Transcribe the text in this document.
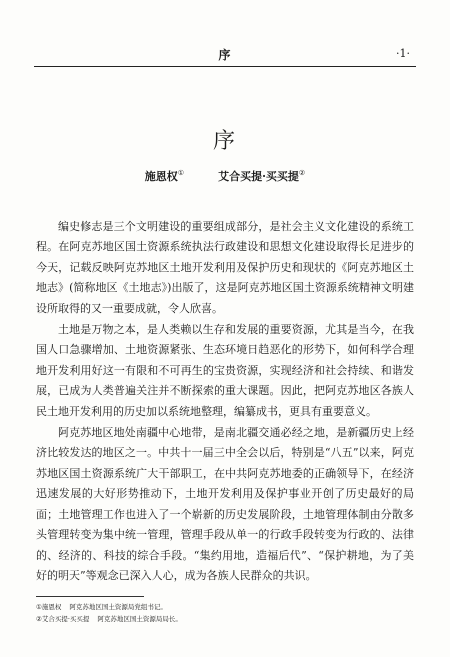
序	·1·
序
施恩权①	艾合买提·买买提②

编史修志是三个文明建设的重要组成部分，是社会主义文化建设的系统工程。在阿克苏地区国土资源系统执法行政建设和思想文化建设取得长足进步的今天，记载反映阿克苏地区土地开发利用及保护历史和现状的《阿克苏地区土地志》(简称地区《土地志》)出版了，这是阿克苏地区国土资源系统精神文明建设所取得的又一重要成就，令人欣喜。

土地是万物之本，是人类赖以生存和发展的重要资源，尤其是当今，在我国人口急骤增加、土地资源紧张、生态环境日趋恶化的形势下，如何科学合理地开发利用好这一有限和不可再生的宝贵资源，实现经济和社会持续、和谐发展，已成为人类普遍关注并不断探索的重大课题。因此，把阿克苏地区各族人民土地开发利用的历史加以系统地整理，编纂成书，更具有重要意义。

阿克苏地区地处南疆中心地带，是南北疆交通必经之地，是新疆历史上经济比较发达的地区之一。中共十一届三中全会以后，特别是“八五”以来，阿克苏地区国土资源系统广大干部职工，在中共阿克苏地委的正确领导下，在经济迅速发展的大好形势推动下，土地开发利用及保护事业开创了历史最好的局面；土地管理工作也进入了一个崭新的历史发展阶段，土地管理体制由分散多头管理转变为集中统一管理，管理手段从单一的行政手段转变为行政的、法律的、经济的、科技的综合手段。“集约用地，造福后代”、“保护耕地，为了美好的明天”等观念已深入人心，成为各族人民群众的共识。

①施恩权 阿克苏地区国土资源局党组书记。
②艾合买提·买买提 阿克苏地区国土资源局局长。
